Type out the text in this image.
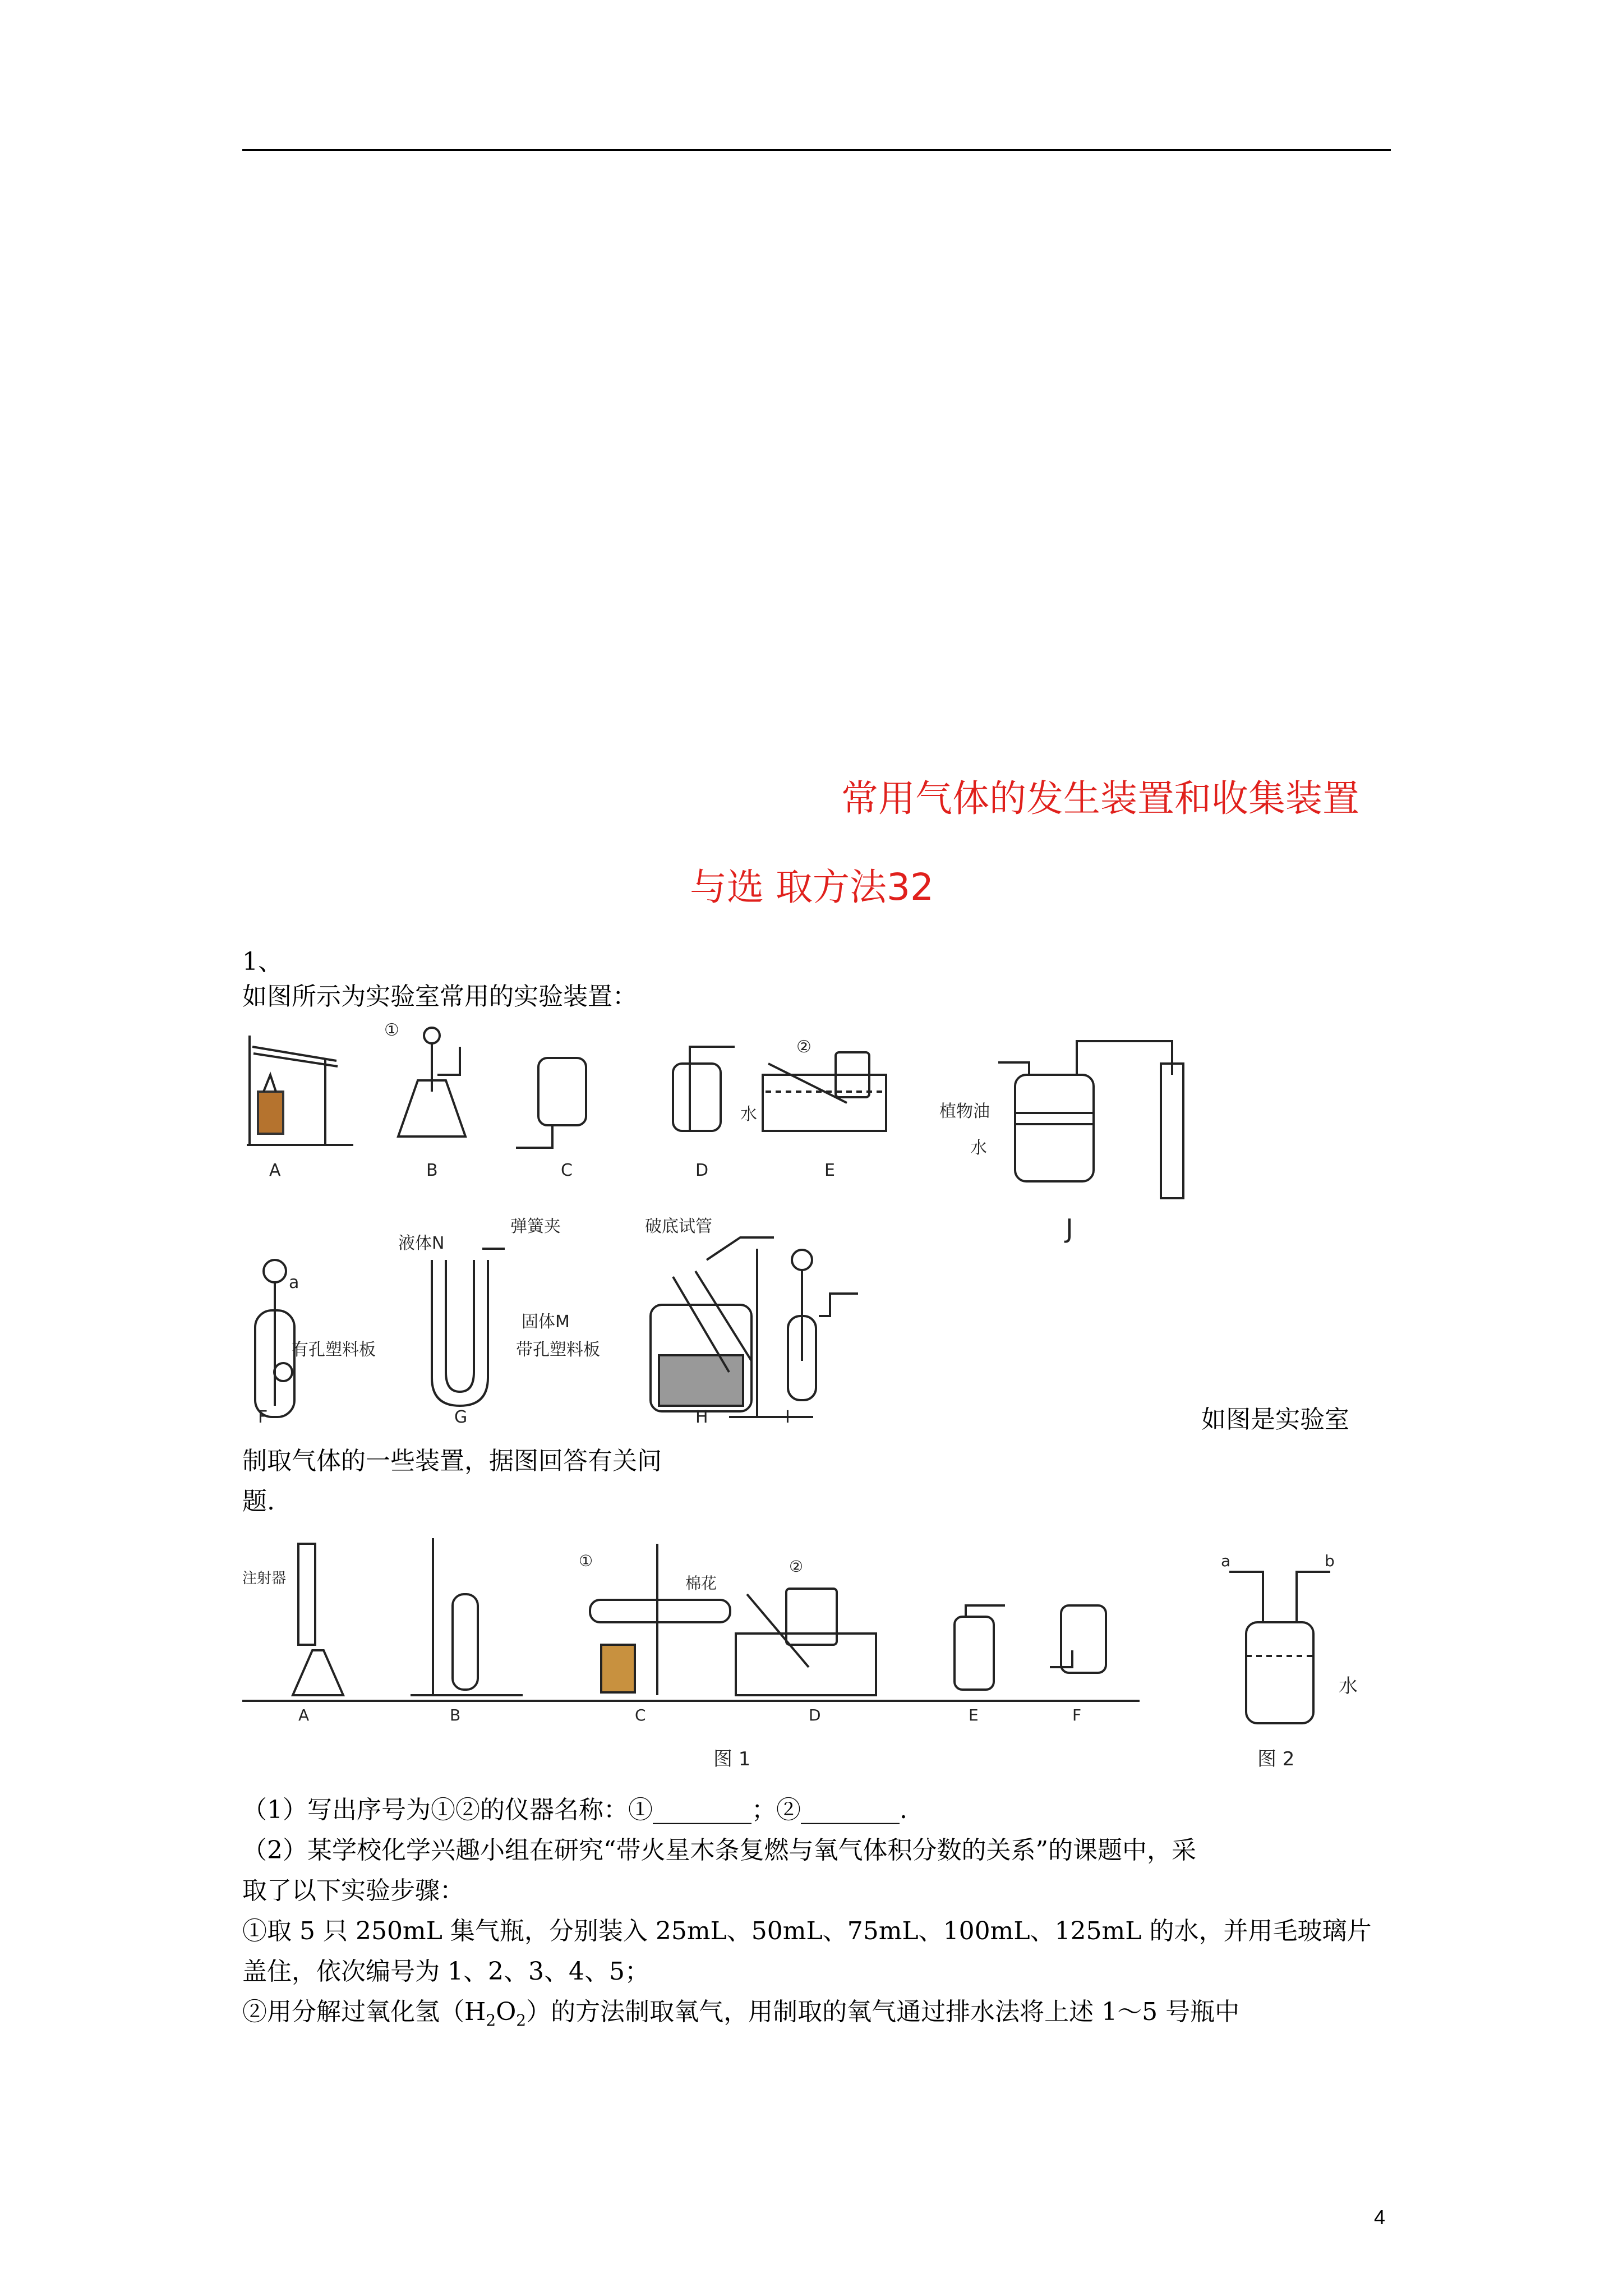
常用气体的发生装置和收集装置
与选 取方法32
1、
如图所示为实验室常用的实验装置：
A	B	C	D	E
J
F	G	H	I
①
②
水	植物油
水
液体N
弹簧夹
固体M
带孔塑料板
有孔塑料板
破底试管
a
如图是实验室
制取气体的一些装置，据图回答有关问
题.
注射器
A	B	C	D	E	F
①
棉花
②	a	b
水
图 1	图 2
（1）写出序号为①②的仪器名称：①________；②________.
（2）某学校化学兴趣小组在研究“带火星木条复燃与氧气体积分数的关系”的课题中，采
取了以下实验步骤：
①取 5 只 250mL 集气瓶，分别装入 25mL、50mL、75mL、100mL、125mL 的水，并用毛玻璃片
盖住，依次编号为 1、2、3、4、5；
②用分解过氧化氢$(H_2O_2)$的方法制取氧气，用制取的氧气通过排水法将上述 1～5 号瓶中
4
